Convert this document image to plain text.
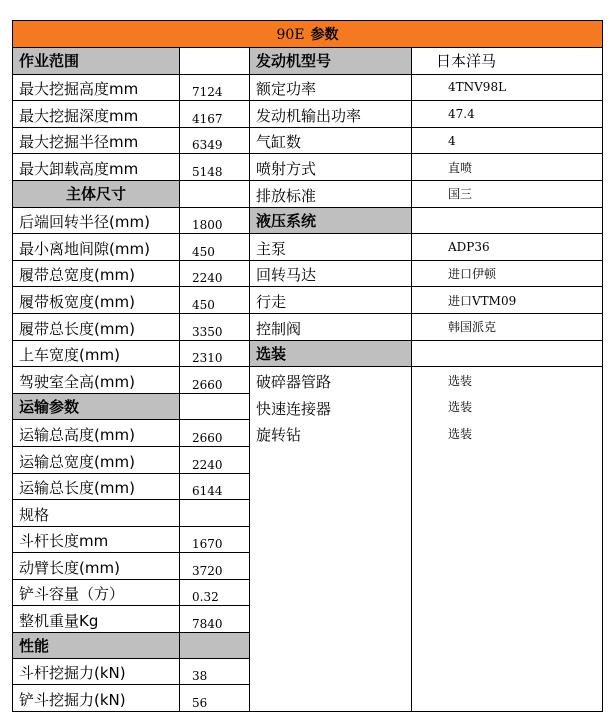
90E 参数			
作业范围		发动机型号	日本洋马
最大挖掘高度mm	7124	额定功率	4TNV98L
最大挖掘深度mm	4167	发动机输出功率	47.4
最大挖掘半径mm	6349	气缸数	4
最大卸载高度mm	5148	喷射方式	直喷
主体尺寸		排放标准	国三
后端回转半径(mm)	1800	液压系统	
最小离地间隙(mm)	450	主泵	ADP36
履带总宽度(mm)	2240	回转马达	进口伊顿
履带板宽度(mm)	450	行走	进口VTM09
履带总长度(mm)	3350	控制阀	韩国派克
上车宽度(mm)	2310	选装	
驾驶室全高(mm)	2660	破碎器管路	选装
运输参数		快速连接器	选装
运输总高度(mm)	2660	旋转钻	选装
运输总宽度(mm)	2240		
运输总长度(mm)	6144		
规格			
斗杆长度mm	1670		
动臂长度(mm)	3720		
铲斗容量（方）	0.32		
整机重量Kg	7840		
性能			
斗杆挖掘力(kN)	38		
铲斗挖掘力(kN)	56		
